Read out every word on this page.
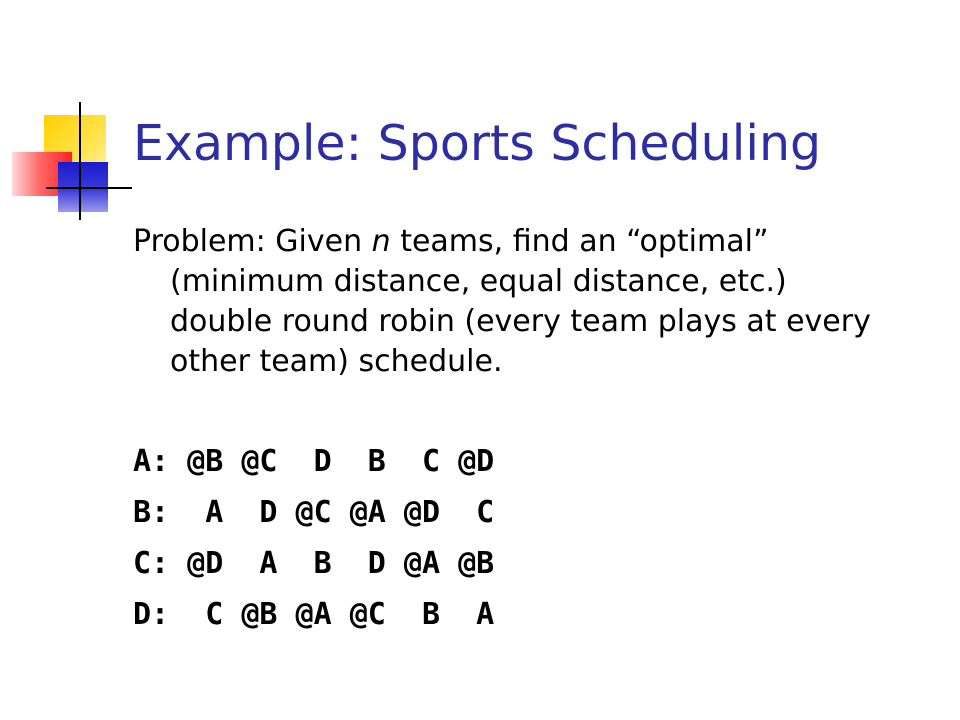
Example: Sports Scheduling
Problem: Given n teams, find an “optimal” (minimum distance, equal distance, etc.) double round robin (every team plays at every other team) schedule.
A: @B @C  D  B  C @D
B:  A  D @C @A @D  C
C: @D  A  B  D @A @B
D:  C @B @A @C  B  A
